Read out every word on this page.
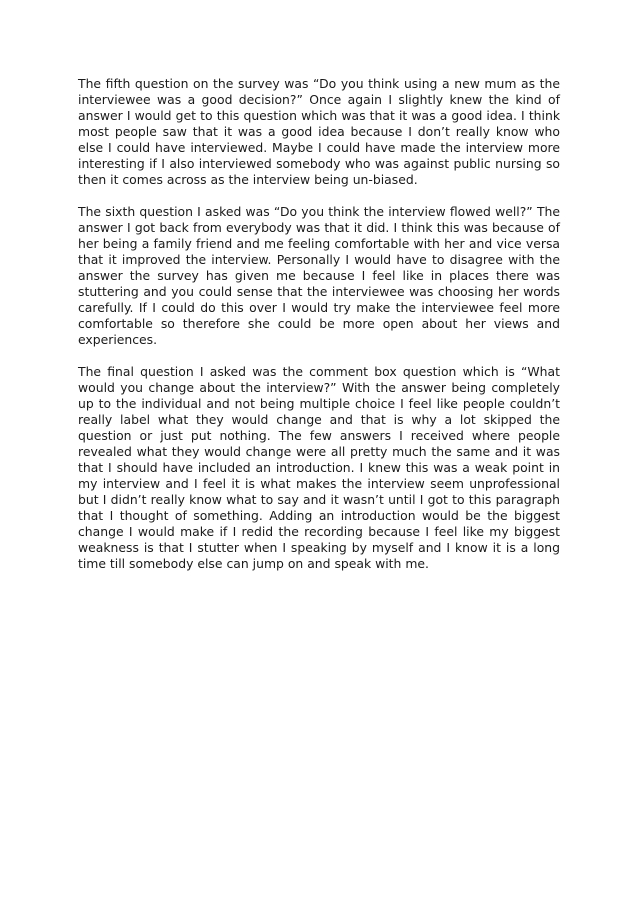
The fifth question on the survey was “Do you think using a new mum as the interviewee was a good decision?” Once again I slightly knew the kind of answer I would get to this question which was that it was a good idea. I think most people saw that it was a good idea because I don’t really know who else I could have interviewed. Maybe I could have made the interview more interesting if I also interviewed somebody who was against public nursing so then it comes across as the interview being un-biased.

The sixth question I asked was “Do you think the interview flowed well?” The answer I got back from everybody was that it did. I think this was because of her being a family friend and me feeling comfortable with her and vice versa that it improved the interview. Personally I would have to disagree with the answer the survey has given me because I feel like in places there was stuttering and you could sense that the interviewee was choosing her words carefully. If I could do this over I would try make the interviewee feel more comfortable so therefore she could be more open about her views and experiences.

The final question I asked was the comment box question which is “What would you change about the interview?” With the answer being completely up to the individual and not being multiple choice I feel like people couldn’t really label what they would change and that is why a lot skipped the question or just put nothing. The few answers I received where people revealed what they would change were all pretty much the same and it was that I should have included an introduction. I knew this was a weak point in my interview and I feel it is what makes the interview seem unprofessional but I didn’t really know what to say and it wasn’t until I got to this paragraph that I thought of something. Adding an introduction would be the biggest change I would make if I redid the recording because I feel like my biggest weakness is that I stutter when I speaking by myself and I know it is a long time till somebody else can jump on and speak with me.
